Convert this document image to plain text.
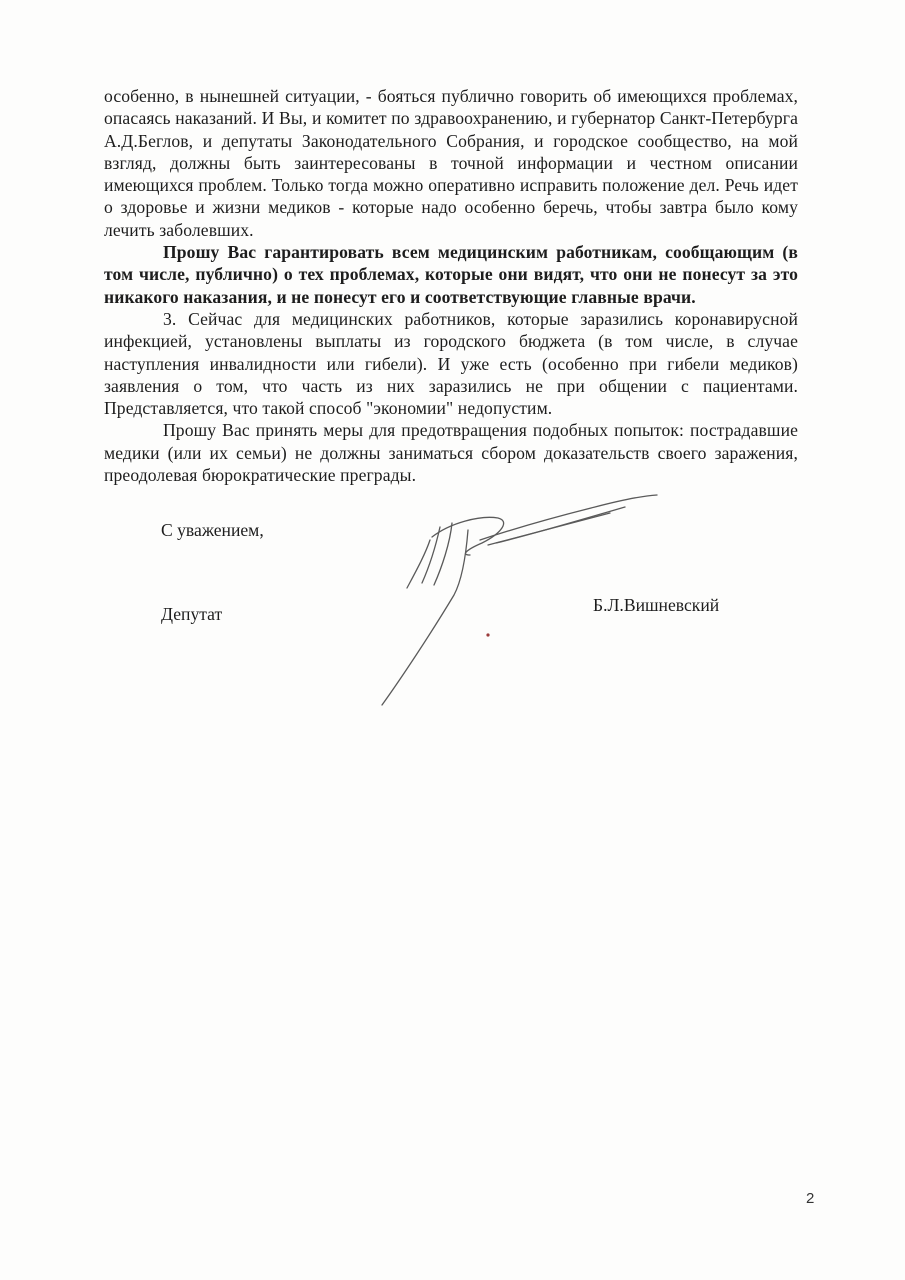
особенно, в нынешней ситуации, - бояться публично говорить об имеющихся проблемах, опасаясь наказаний. И Вы, и комитет по здравоохранению, и губернатор Санкт-Петербурга А.Д.Беглов, и депутаты Законодательного Собрания, и городское сообщество, на мой взгляд, должны быть заинтересованы в точной информации и честном описании имеющихся проблем. Только тогда можно оперативно исправить положение дел. Речь идет о здоровье и жизни медиков - которые надо особенно беречь, чтобы завтра было кому лечить заболевших.

Прошу Вас гарантировать всем медицинским работникам, сообщающим (в том числе, публично) о тех проблемах, которые они видят, что они не понесут за это никакого наказания, и не понесут его и соответствующие главные врачи.

3. Сейчас для медицинских работников, которые заразились коронавирусной инфекцией, установлены выплаты из городского бюджета (в том числе, в случае наступления инвалидности или гибели). И уже есть (особенно при гибели медиков) заявления о том, что часть из них заразились не при общении с пациентами. Представляется, что такой способ "экономии" недопустим.

Прошу Вас принять меры для предотвращения подобных попыток: пострадавшие медики (или их семьи) не должны заниматься сбором доказательств своего заражения, преодолевая бюрократические преграды.

С уважением,
Депутат	Б.Л.Вишневский
2
